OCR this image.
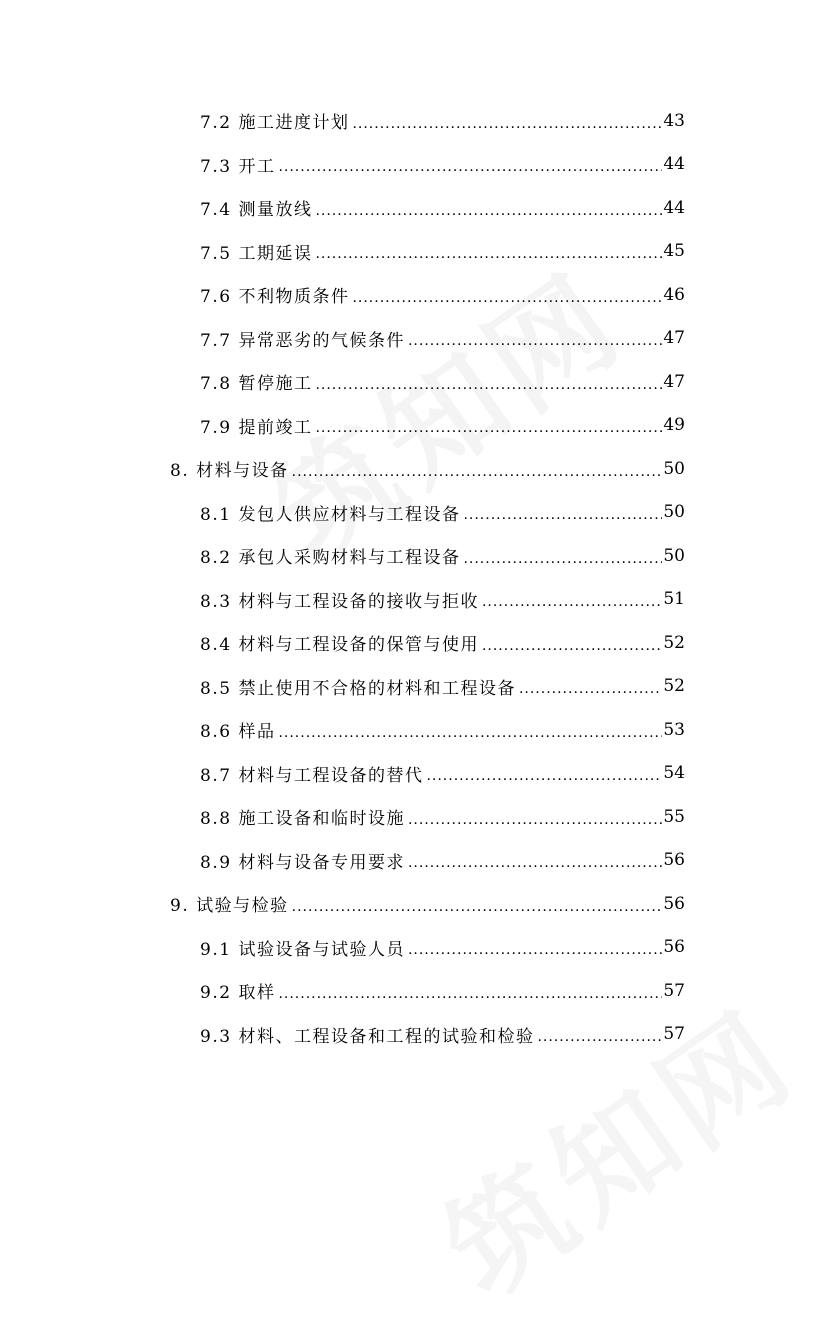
7.2 施工进度计划 .....	43
7.3 开工 .....	44
7.4 测量放线 .....	44
7.5 工期延误 .....	45
7.6 不利物质条件 .....	46
7.7 异常恶劣的气候条件 .....	47
7.8 暂停施工 .....	47
7.9 提前竣工 .....	49
8. 材料与设备 .....	50
8.1 发包人供应材料与工程设备 .....	50
8.2 承包人采购材料与工程设备 .....	50
8.3 材料与工程设备的接收与拒收 .....	51
8.4 材料与工程设备的保管与使用 .....	52
8.5 禁止使用不合格的材料和工程设备 .....	52
8.6 样品 .....	53
8.7 材料与工程设备的替代 .....	54
8.8 施工设备和临时设施 .....	55
8.9 材料与设备专用要求 .....	56
9. 试验与检验 .....	56
9.1 试验设备与试验人员 .....	56
9.2 取样 .....	57
9.3 材料、工程设备和工程的试验和检验 .....	57
